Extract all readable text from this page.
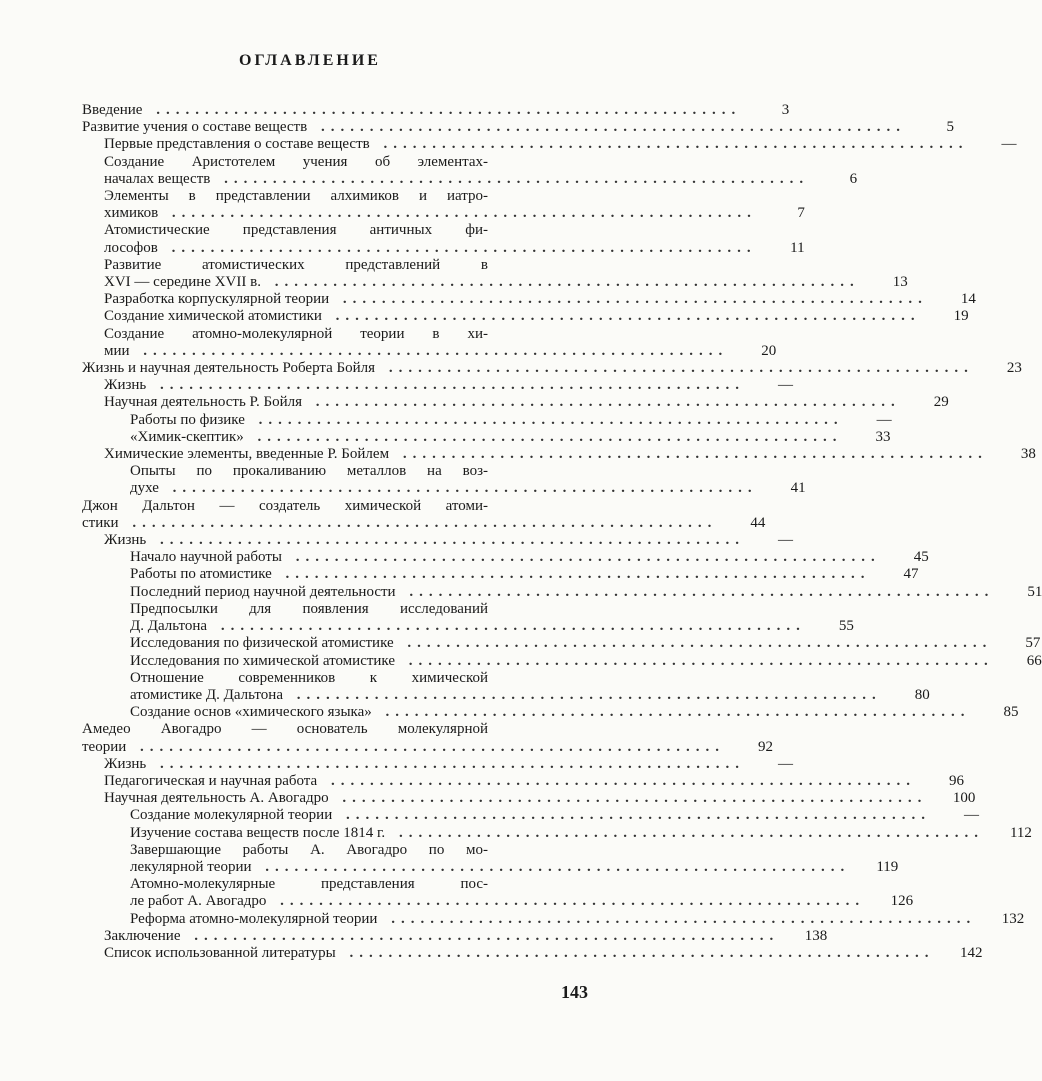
ОГЛАВЛЕНИЕ
Введение ............................................................	3
Развитие учения о составе веществ ............................................................	5
Первые представления о составе веществ ............................................................	—
Создание Аристотелем учения об элементах-
началах веществ ............................................................	6
Элементы в представлении алхимиков и иатро-
химиков ............................................................	7
Атомистические представления античных фи-
лософов ............................................................	11
Развитие атомистических представлений в
XVI — середине XVII в. ............................................................	13
Разработка корпускулярной теории ............................................................	14
Создание химической атомистики ............................................................	19
Создание атомно-молекулярной теории в хи-
мии ............................................................	20
Жизнь и научная деятельность Роберта Бойля ............................................................	23
Жизнь ............................................................	—
Научная деятельность Р. Бойля ............................................................	29
Работы по физике ............................................................	—
«Химик-скептик» ............................................................	33
Химические элементы, введенные Р. Бойлем ............................................................	38
Опыты по прокаливанию металлов на воз-
духе ............................................................	41
Джон Дальтон — создатель химической атоми-
стики ............................................................	44
Жизнь ............................................................	—
Начало научной работы ............................................................	45
Работы по атомистике ............................................................	47
Последний период научной деятельности ............................................................	51
Предпосылки для появления исследований
Д. Дальтона ............................................................	55
Исследования по физической атомистике ............................................................	57
Исследования по химической атомистике ............................................................	66
Отношение современников к химической
атомистике Д. Дальтона ............................................................	80
Создание основ «химического языка» ............................................................	85
Амедео Авогадро — основатель молекулярной
теории ............................................................	92
Жизнь ............................................................	—
Педагогическая и научная работа ............................................................	96
Научная деятельность А. Авогадро ............................................................	100
Создание молекулярной теории ............................................................	—
Изучение состава веществ после 1814 г. ............................................................	112
Завершающие работы А. Авогадро по мо-
лекулярной теории ............................................................	119
Атомно-молекулярные представления пос-
ле работ А. Авогадро ............................................................	126
Реформа атомно-молекулярной теории ............................................................	132
Заключение ............................................................	138
Список использованной литературы ............................................................	142
143
